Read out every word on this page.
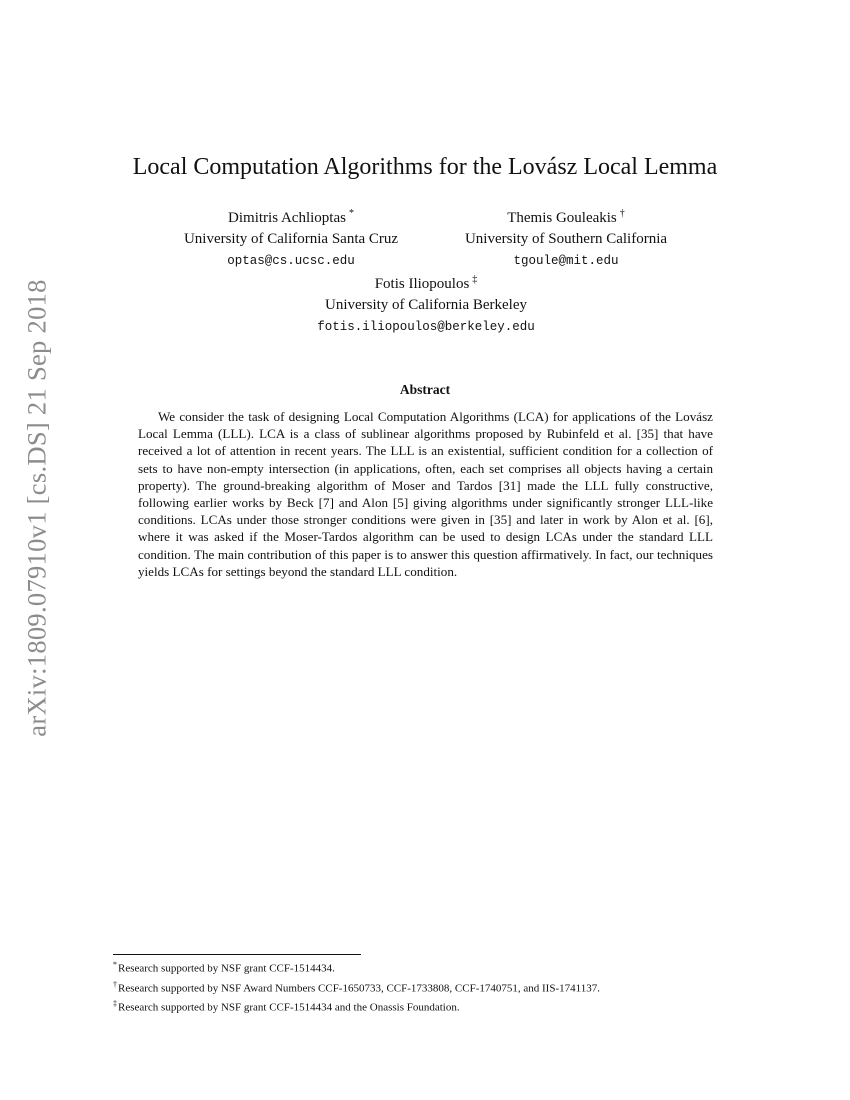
arXiv:1809.07910v1 [cs.DS] 21 Sep 2018
Local Computation Algorithms for the Lovász Local Lemma
Dimitris Achlioptas *
University of California Santa Cruz
optas@cs.ucsc.edu
Themis Gouleakis †
University of Southern California
tgoule@mit.edu
Fotis Iliopoulos ‡
University of California Berkeley
fotis.iliopoulos@berkeley.edu
Abstract

We consider the task of designing Local Computation Algorithms (LCA) for applications of the Lovász Local Lemma (LLL). LCA is a class of sublinear algorithms proposed by Rubinfeld et al. [35] that have received a lot of attention in recent years. The LLL is an existential, sufficient condition for a collection of sets to have non-empty intersection (in applications, often, each set comprises all objects having a certain property). The ground-breaking algorithm of Moser and Tardos [31] made the LLL fully constructive, following earlier works by Beck [7] and Alon [5] giving algorithms under significantly stronger LLL-like conditions. LCAs under those stronger conditions were given in [35] and later in work by Alon et al. [6], where it was asked if the Moser-Tardos algorithm can be used to design LCAs under the standard LLL condition. The main contribution of this paper is to answer this question affirmatively. In fact, our techniques yields LCAs for settings beyond the standard LLL condition.

*Research supported by NSF grant CCF-1514434.
†Research supported by NSF Award Numbers CCF-1650733, CCF-1733808, CCF-1740751, and IIS-1741137.
‡Research supported by NSF grant CCF-1514434 and the Onassis Foundation.
